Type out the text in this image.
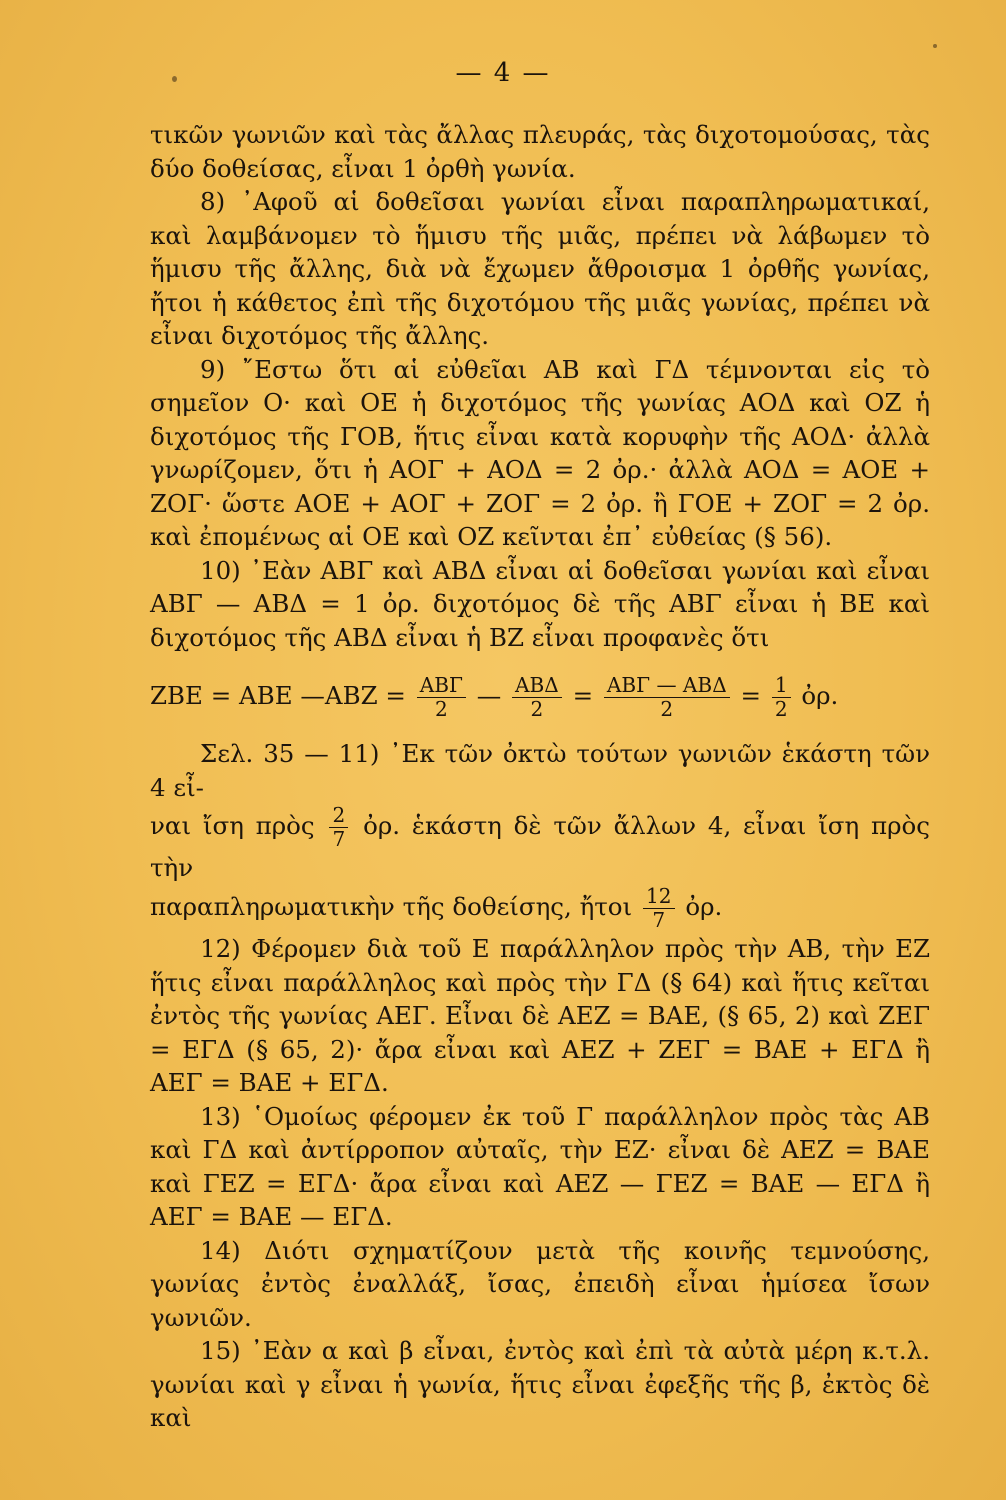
— 4 —

τικῶν γωνιῶν καὶ τὰς ἄλλας πλευράς, τὰς διχοτομούσας, τὰς δύο δοθείσας, εἶναι 1 ὀρθὴ γωνία.

8) ᾿Αφοῦ αἱ δοθεῖσαι γωνίαι εἶναι παραπληρωματικαί, καὶ λαμβάνομεν τὸ ἥμισυ τῆς μιᾶς, πρέπει νὰ λάβωμεν τὸ ἥμισυ τῆς ἄλλης, διὰ νὰ ἔχωμεν ἄθροισμα 1 ὀρθῆς γωνίας, ἤτοι ἡ κάθετος ἐπὶ τῆς διχοτόμου τῆς μιᾶς γωνίας, πρέπει νὰ εἶναι διχοτόμος τῆς ἄλλης.

9) ῎Εστω ὅτι αἱ εὐθεῖαι ΑΒ καὶ ΓΔ τέμνονται εἰς τὸ σημεῖον Ο· καὶ ΟΕ ἡ διχοτόμος τῆς γωνίας ΑΟΔ καὶ ΟΖ ἡ διχοτόμος τῆς ΓΟΒ, ἥτις εἶναι κατὰ κορυφὴν τῆς ΑΟΔ· ἀλλὰ γνωρίζομεν, ὅτι ἡ ΑΟΓ + ΑΟΔ = 2 ὀρ.· ἀλλὰ ΑΟΔ = ΑΟΕ + ΖΟΓ· ὥστε ΑΟΕ + ΑΟΓ + ΖΟΓ = 2 ὀρ. ἢ ΓΟΕ + ΖΟΓ = 2 ὀρ. καὶ ἐπομένως αἱ ΟΕ καὶ ΟΖ κεῖνται ἐπ᾿ εὐθείας (§ 56).

10) ᾿Εὰν ΑΒΓ καὶ ΑΒΔ εἶναι αἱ δοθεῖσαι γωνίαι καὶ εἶναι ΑΒΓ — ΑΒΔ = 1 ὀρ. διχοτόμος δὲ τῆς ΑΒΓ εἶναι ἡ ΒΕ καὶ διχοτόμος τῆς ΑΒΔ εἶναι ἡ ΒΖ εἶναι προφανὲς ὅτι

ΖΒΕ = ΑΒΕ —ΑΒΖ = $\frac{\text{ΑΒΓ}}{2}$ — $\frac{\text{ΑΒΔ}}{2} = \frac{\text{ΑΒΓ — ΑΒΔ}}{2} = \frac{1}{2}$ ὀρ.

Σελ. 35 — 11) ᾿Εκ τῶν ὀκτὼ τούτων γωνιῶν ἑκάστη τῶν 4 εἶ-

ναι ἴση πρὸς $\frac{2}{7}$ ὀρ. ἑκάστη δὲ τῶν ἄλλων 4, εἶναι ἴση πρὸς τὴν

παραπληρωματικὴν τῆς δοθείσης, ἤτοι $\frac{12}{7}$ ὀρ.

12) Φέρομεν διὰ τοῦ Ε παράλληλον πρὸς τὴν ΑΒ, τὴν ΕΖ ἥτις εἶναι παράλληλος καὶ πρὸς τὴν ΓΔ (§ 64) καὶ ἥτις κεῖται ἐντὸς τῆς γωνίας ΑΕΓ. Εἶναι δὲ ΑΕΖ = ΒΑΕ, (§ 65, 2) καὶ ΖΕΓ = ΕΓΔ (§ 65, 2)· ἄρα εἶναι καὶ ΑΕΖ + ΖΕΓ = ΒΑΕ + ΕΓΔ ἢ ΑΕΓ = ΒΑΕ + ΕΓΔ.

13) ῾Ομοίως φέρομεν ἐκ τοῦ Γ παράλληλον πρὸς τὰς ΑΒ καὶ ΓΔ καὶ ἀντίρροπον αὐταῖς, τὴν ΕΖ· εἶναι δὲ ΑΕΖ = ΒΑΕ καὶ ΓΕΖ = ΕΓΔ· ἄρα εἶναι καὶ ΑΕΖ — ΓΕΖ = ΒΑΕ — ΕΓΔ ἢ ΑΕΓ = ΒΑΕ — ΕΓΔ.

14) Διότι σχηματίζουν μετὰ τῆς κοινῆς τεμνούσης, γωνίας ἐντὸς ἐναλλάξ, ἴσας, ἐπειδὴ εἶναι ἡμίσεα ἴσων γωνιῶν.

15) ᾿Εὰν α καὶ β εἶναι, ἐντὸς καὶ ἐπὶ τὰ αὐτὰ μέρη κ.τ.λ. γωνίαι καὶ γ εἶναι ἡ γωνία, ἥτις εἶναι ἐφεξῆς τῆς β, ἐκτὸς δὲ καὶ
